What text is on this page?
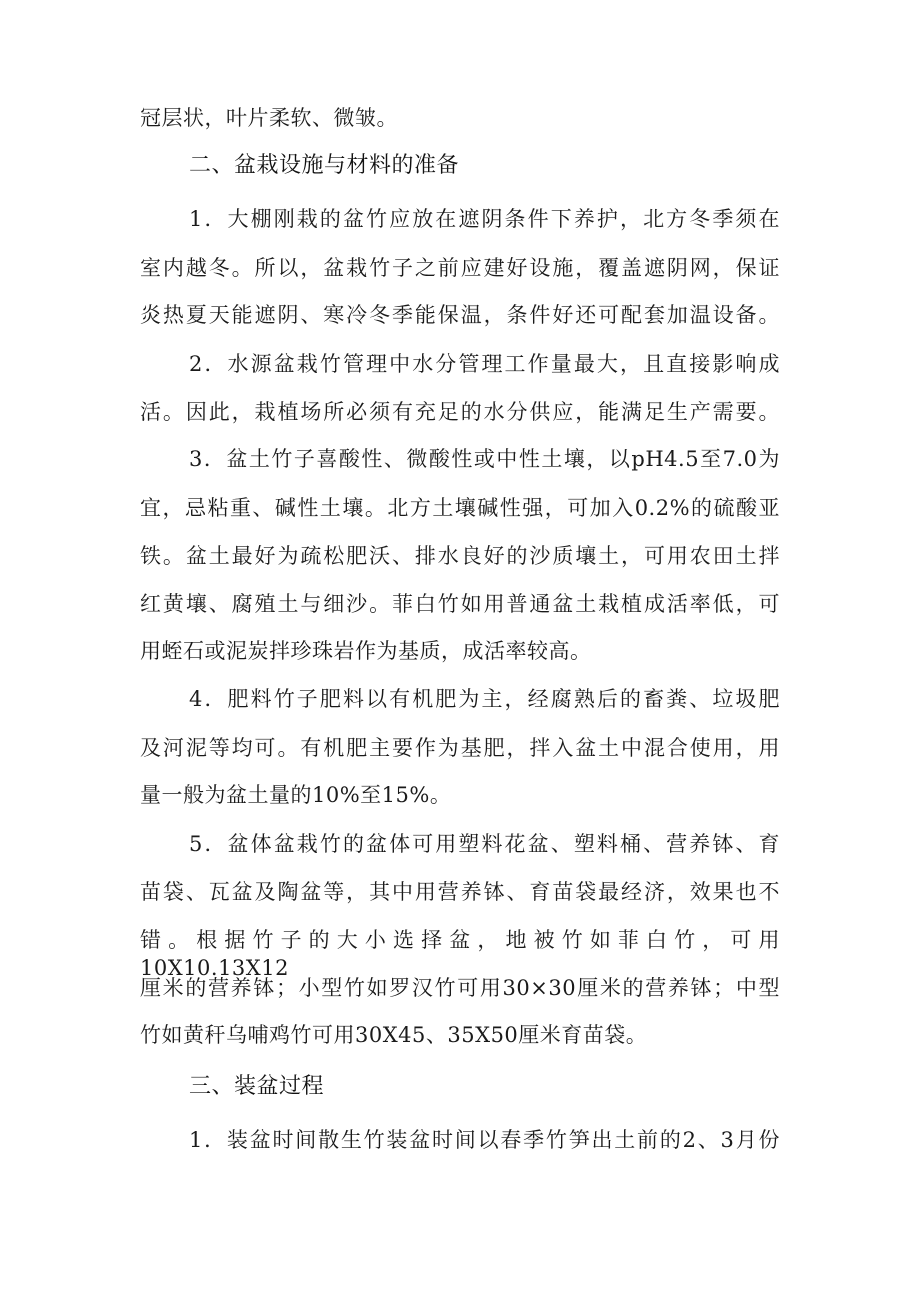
冠层状，叶片柔软、微皱。
二、盆栽设施与材料的准备
1．大棚刚栽的盆竹应放在遮阴条件下养护，北方冬季须在
室内越冬。所以，盆栽竹子之前应建好设施，覆盖遮阴网，保证
炎热夏天能遮阴、寒冷冬季能保温，条件好还可配套加温设备。
2．水源盆栽竹管理中水分管理工作量最大，且直接影响成
活。因此，栽植场所必须有充足的水分供应，能满足生产需要。
3．盆土竹子喜酸性、微酸性或中性土壤，以pH4.5至7.0为
宜，忌粘重、碱性土壤。北方土壤碱性强，可加入0.2%的硫酸亚
铁。盆土最好为疏松肥沃、排水良好的沙质壤土，可用农田土拌
红黄壤、腐殖土与细沙。菲白竹如用普通盆土栽植成活率低，可
用蛭石或泥炭拌珍珠岩作为基质，成活率较高。
4．肥料竹子肥料以有机肥为主，经腐熟后的畜粪、垃圾肥
及河泥等均可。有机肥主要作为基肥，拌入盆土中混合使用，用
量一般为盆土量的10%至15%。
5．盆体盆栽竹的盆体可用塑料花盆、塑料桶、营养钵、育
苗袋、瓦盆及陶盆等，其中用营养钵、育苗袋最经济，效果也不
错。根据竹子的大小选择盆，地被竹如菲白竹，可用10X10.13X12
厘米的营养钵；小型竹如罗汉竹可用30×30厘米的营养钵；中型
竹如黄秆乌哺鸡竹可用30X45、35X50厘米育苗袋。
三、装盆过程
1．装盆时间散生竹装盆时间以春季竹笋出土前的2、3月份
